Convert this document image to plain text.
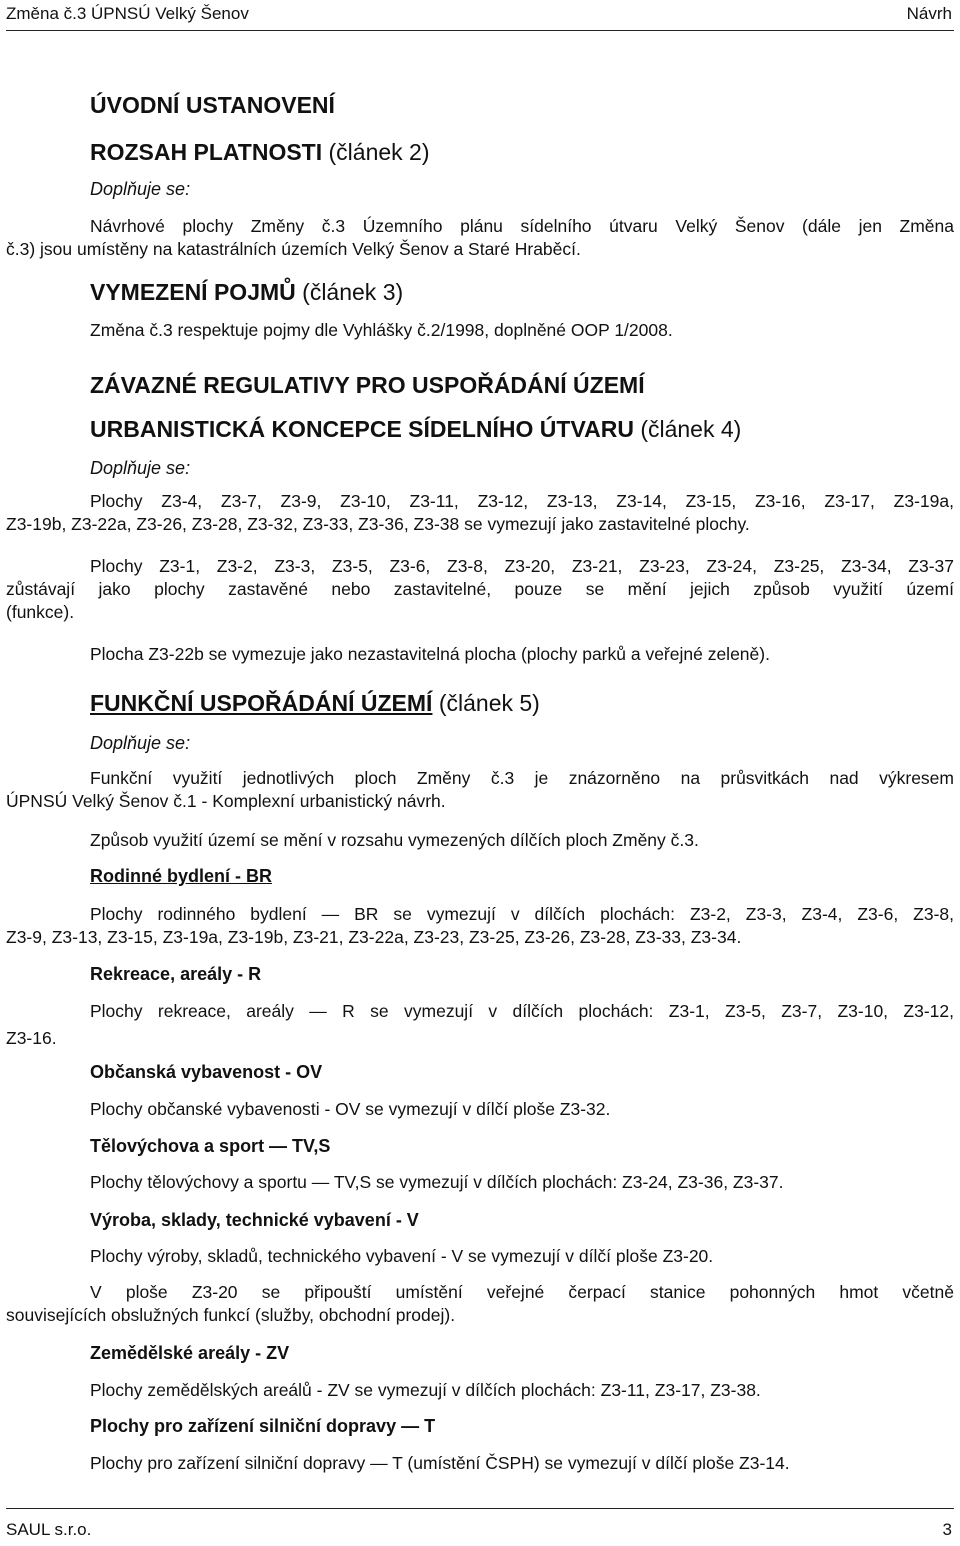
Změna č.3 ÚPNSÚ Velký Šenov	Návrh
ÚVODNÍ USTANOVENÍ
ROZSAH PLATNOSTI (článek 2)
Doplňuje se:
Návrhové plochy Změny č.3 Územního plánu sídelního útvaru Velký Šenov (dále jen Změna
č.3) jsou umístěny na katastrálních územích Velký Šenov a Staré Hraběcí.
VYMEZENÍ POJMŮ (článek 3)
Změna č.3 respektuje pojmy dle Vyhlášky č.2/1998, doplněné OOP 1/2008.
ZÁVAZNÉ REGULATIVY PRO USPOŘÁDÁNÍ ÚZEMÍ
URBANISTICKÁ KONCEPCE SÍDELNÍHO ÚTVARU (článek 4)
Doplňuje se:
Plochy Z3-4, Z3-7, Z3-9, Z3-10, Z3-11, Z3-12, Z3-13, Z3-14, Z3-15, Z3-16, Z3-17, Z3-19a,
Z3-19b, Z3-22a, Z3-26, Z3-28, Z3-32, Z3-33, Z3-36, Z3-38 se vymezují jako zastavitelné plochy.
Plochy Z3-1, Z3-2, Z3-3, Z3-5, Z3-6, Z3-8, Z3-20, Z3-21, Z3-23, Z3-24, Z3-25, Z3-34, Z3-37
zůstávají jako plochy zastavěné nebo zastavitelné, pouze se mění jejich způsob využití území
(funkce).
Plocha Z3-22b se vymezuje jako nezastavitelná plocha (plochy parků a veřejné zeleně).
FUNKČNÍ USPOŘÁDÁNÍ ÚZEMÍ (článek 5)
Doplňuje se:
Funkční využití jednotlivých ploch Změny č.3 je znázorněno na průsvitkách nad výkresem
ÚPNSÚ Velký Šenov č.1 - Komplexní urbanistický návrh.
Způsob využití území se mění v rozsahu vymezených dílčích ploch Změny č.3.
Rodinné bydlení - BR
Plochy rodinného bydlení — BR se vymezují v dílčích plochách: Z3-2, Z3-3, Z3-4, Z3-6, Z3-8,
Z3-9, Z3-13, Z3-15, Z3-19a, Z3-19b, Z3-21, Z3-22a, Z3-23, Z3-25, Z3-26, Z3-28, Z3-33, Z3-34.
Rekreace, areály - R
Plochy rekreace, areály — R se vymezují v dílčích plochách: Z3-1, Z3-5, Z3-7, Z3-10, Z3-12,
Z3-16.
Občanská vybavenost - OV
Plochy občanské vybavenosti - OV se vymezují v dílčí ploše Z3-32.
Tělovýchova a sport — TV,S
Plochy tělovýchovy a sportu — TV,S se vymezují v dílčích plochách: Z3-24, Z3-36, Z3-37.
Výroba, sklady, technické vybavení - V
Plochy výroby, skladů, technického vybavení - V se vymezují v dílčí ploše Z3-20.
V ploše Z3-20 se připouští umístění veřejné čerpací stanice pohonných hmot včetně
souvisejících obslužných funkcí (služby, obchodní prodej).
Zemědělské areály - ZV
Plochy zemědělských areálů - ZV se vymezují v dílčích plochách: Z3-11, Z3-17, Z3-38.
Plochy pro zařízení silniční dopravy — T
Plochy pro zařízení silniční dopravy — T (umístění ČSPH) se vymezují v dílčí ploše Z3-14.
SAUL s.r.o.	3
